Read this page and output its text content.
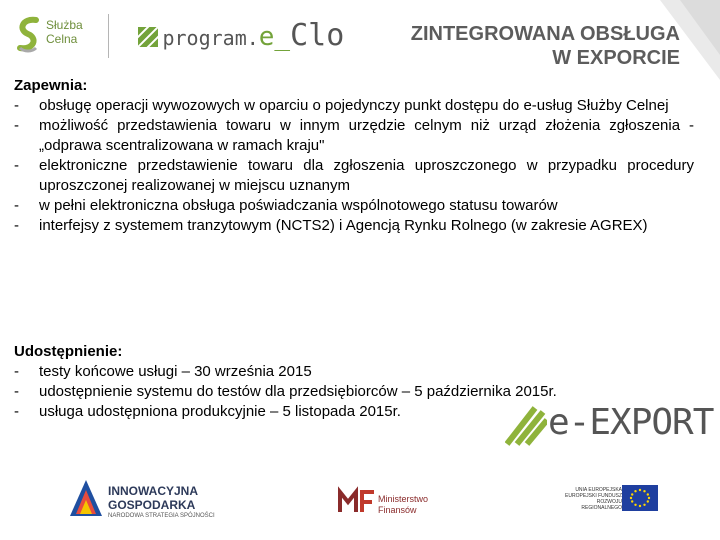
Służba
Celna	program.e_Clo	ZINTEGROWANA OBSŁUGA
W EXPORCIE
Zapewnia:
- obsługę operacji wywozowych w oparciu o pojedynczy punkt dostępu do e-usług Służby Celnej
- możliwość przedstawienia towaru w innym urzędzie celnym niż urząd złożenia zgłoszenia - „odprawa scentralizowana w ramach kraju"
- elektroniczne przedstawienie towaru dla zgłoszenia uproszczonego w przypadku procedury uproszczonej realizowanej w miejscu uznanym
- w pełni elektroniczna obsługa poświadczania wspólnotowego statusu towarów
- interfejsy z systemem tranzytowym (NCTS2) i Agencją Rynku Rolnego (w zakresie AGREX)
Udostępnienie:
- testy końcowe usługi – 30 września 2015
- udostępnienie systemu do testów dla przedsiębiorców – 5 października 2015r.
- usługa udostępniona produkcyjnie – 5 listopada 2015r.	e-EXPORT
INNOWACYJNA
GOSPODARKA
NARODOWA STRATEGIA SPÓJNOŚCI
Ministerstwo
Finansów
UNIA EUROPEJSKA EUROPEJSKI FUNDUSZ ROZWOJU REGIONALNEGO
